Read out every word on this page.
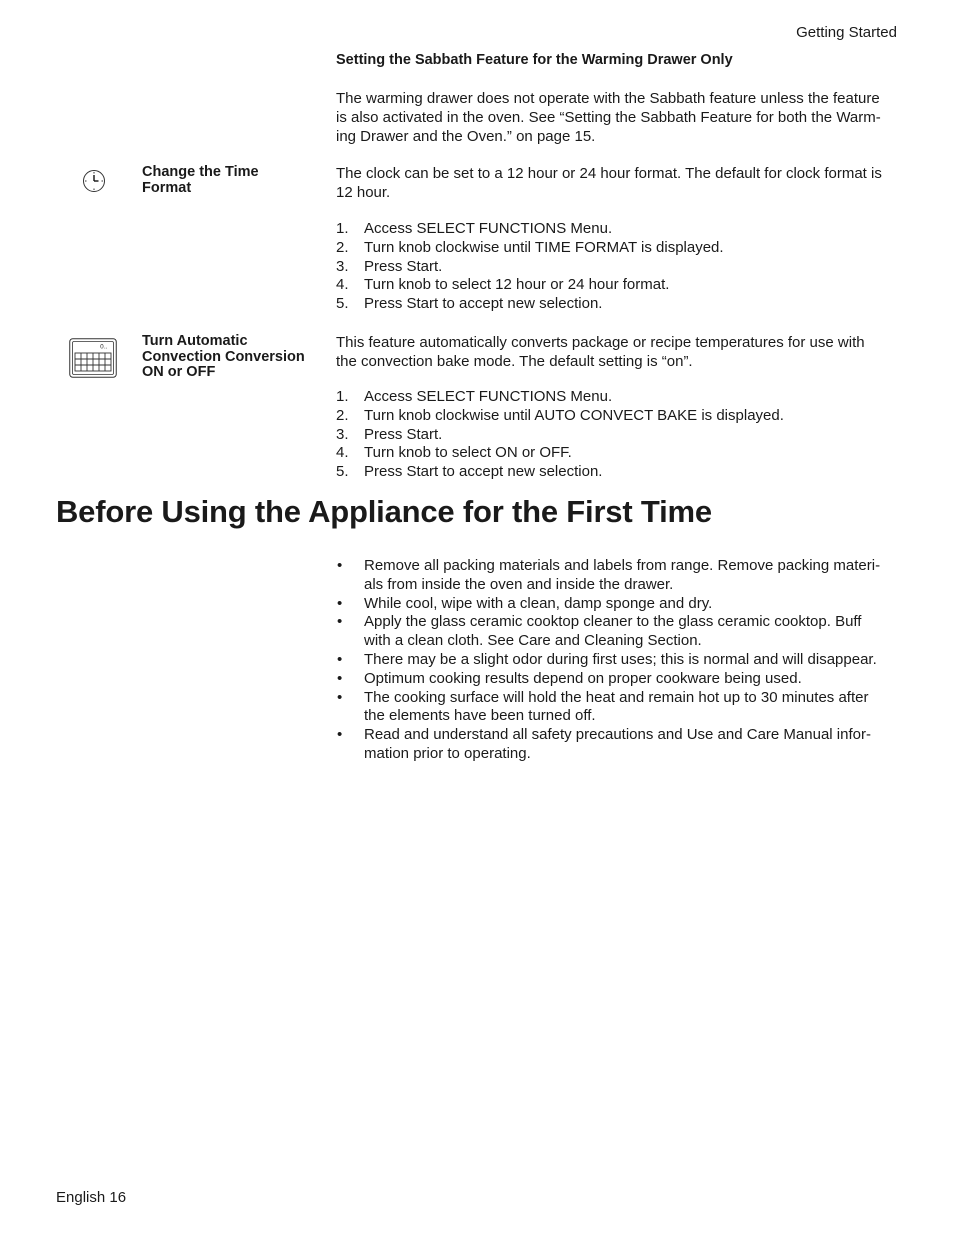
Getting Started
Setting the Sabbath Feature for the Warming Drawer Only
The warming drawer does not operate with the Sabbath feature unless the feature
is also activated in the oven. See “Setting the Sabbath Feature for both the Warm-
ing Drawer and the Oven.” on page 15.
Change the Time
Format
The clock can be set to a 12 hour or 24 hour format. The default for clock format is
12 hour.
1. Access SELECT FUNCTIONS Menu.
2. Turn knob clockwise until TIME FORMAT is displayed.
3. Press Start.
4. Turn knob to select 12 hour or 24 hour format.
5. Press Start to accept new selection.
0.. Turn Automatic
Convection Conversion
ON or OFF
This feature automatically converts package or recipe temperatures for use with
the convection bake mode. The default setting is “on”.
1. Access SELECT FUNCTIONS Menu.
2. Turn knob clockwise until AUTO CONVECT BAKE is displayed.
3. Press Start.
4. Turn knob to select ON or OFF.
5. Press Start to accept new selection.
Before Using the Appliance for the First Time
• Remove all packing materials and labels from range. Remove packing materi-
als from inside the oven and inside the drawer.
• While cool, wipe with a clean, damp sponge and dry.
• Apply the glass ceramic cooktop cleaner to the glass ceramic cooktop. Buff
with a clean cloth. See Care and Cleaning Section.
• There may be a slight odor during first uses; this is normal and will disappear.
• Optimum cooking results depend on proper cookware being used.
• The cooking surface will hold the heat and remain hot up to 30 minutes after
the elements have been turned off.
• Read and understand all safety precautions and Use and Care Manual infor-
mation prior to operating.
English 16
